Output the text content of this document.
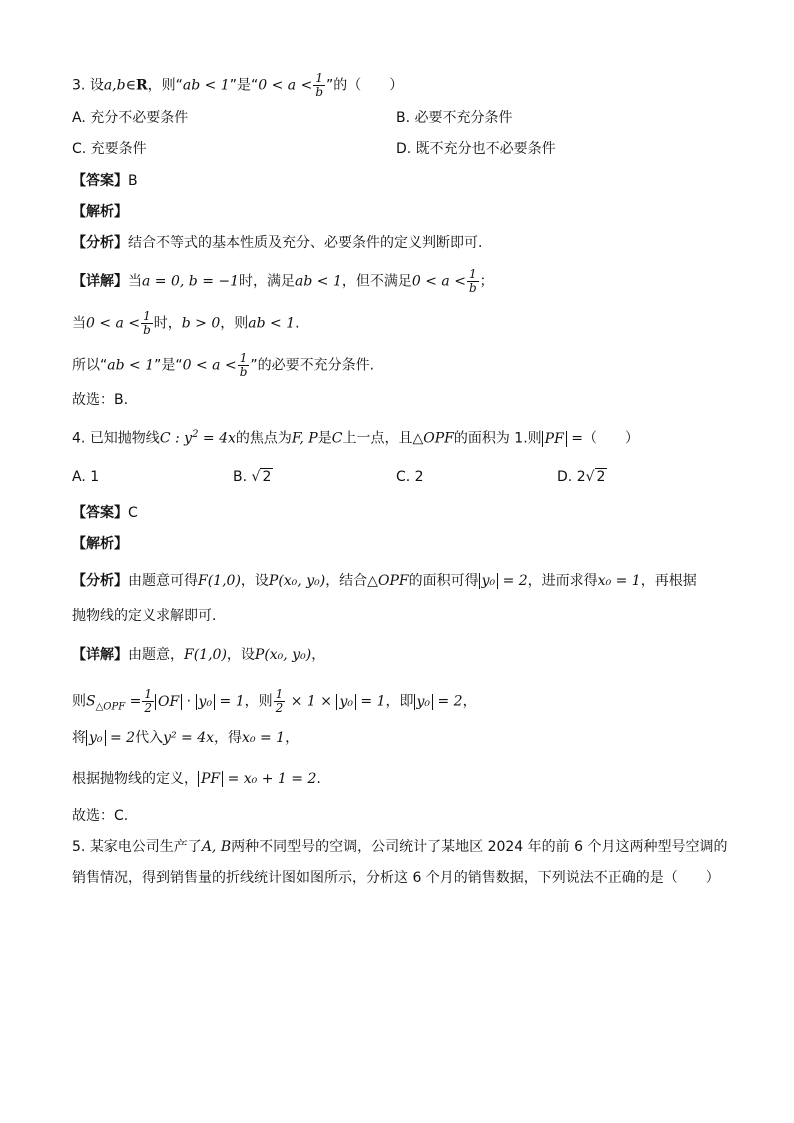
3. 设a,b∈R，则“ab < 1”是“$0 < a < \frac{1}{b}$ ”的（　　）
A. 充分不必要条件	B. 必要不充分条件
C. 充要条件	D. 既不充分也不必要条件
【答案】B
【解析】
【分析】结合不等式的基本性质及充分、必要条件的定义判断即可.
【详解】当a = 0, b = −1时，满足ab < 1，但不满足$0 < a < \frac{1}{b}$ ；
当$0 < a < \frac{1}{b}$ 时，b > 0，则ab < 1.
所以“ab < 1”是“$0 < a < \frac{1}{b}$ ”的必要不充分条件.
故选：B.
4. 已知抛物线C : $y^2 = 4x$的焦点为F, P是C上一点，且△OPF的面积为 1.则 PF =（　　）
A. 1	B. √ 2	C. 2	D. 2√ 2
【答案】C
【解析】
【分析】由题意可得F(1,0)，设P(x₀, y₀)，结合△OPF的面积可得 y₀ = 2，进而求得x₀ = 1，再根据
抛物线的定义求解即可.
【详解】由题意，F(1,0)，设P(x₀, y₀)，
则$S_{\triangle OPF} = \frac{1}{2}$ OF · y₀ = 1，则 $\frac{1}{2} \times 1 \times y_0 = 1$，即 y₀ = 2，
将 y₀ = 2代入y² = 4x，得x₀ = 1，
根据抛物线的定义， PF = x₀ + 1 = 2.
故选：C.
5. 某家电公司生产了A, B两种不同型号的空调，公司统计了某地区 2024 年的前 6 个月这两种型号空调的
销售情况，得到销售量的折线统计图如图所示，分析这 6 个月的销售数据，下列说法不正确的是（　　）
